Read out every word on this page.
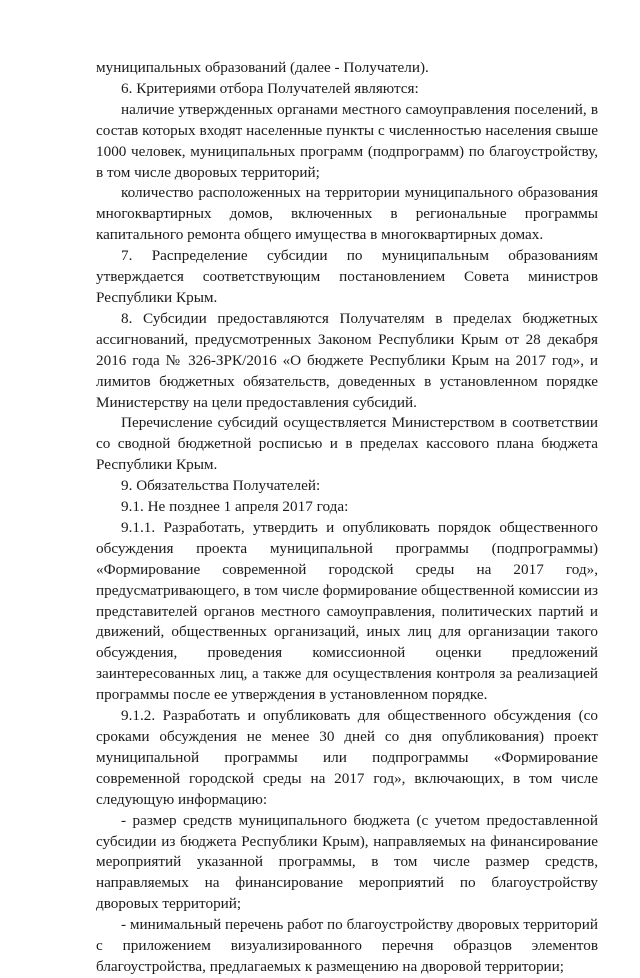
муниципальных образований (далее - Получатели).

6. Критериями отбора Получателей являются:

наличие утвержденных органами местного самоуправления поселений, в состав которых входят населенные пункты с численностью населения свыше 1000 человек, муниципальных программ (подпрограмм) по благоустройству, в том числе дворовых территорий;

количество расположенных на территории муниципального образования многоквартирных домов, включенных в региональные программы капитального ремонта общего имущества в многоквартирных домах.

7. Распределение субсидии по муниципальным образованиям утверждается соответствующим постановлением Совета министров Республики Крым.

8. Субсидии предоставляются Получателям в пределах бюджетных ассигнований, предусмотренных Законом Республики Крым от 28 декабря 2016 года № 326-ЗРК/2016 «О бюджете Республики Крым на 2017 год», и лимитов бюджетных обязательств, доведенных в установленном порядке Министерству на цели предоставления субсидий.

Перечисление субсидий осуществляется Министерством в соответствии со сводной бюджетной росписью и в пределах кассового плана бюджета Республики Крым.

9. Обязательства Получателей:

9.1. Не позднее 1 апреля 2017 года:

9.1.1. Разработать, утвердить и опубликовать порядок общественного обсуждения проекта муниципальной программы (подпрограммы) «Формирование современной городской среды на 2017 год», предусматривающего, в том числе формирование общественной комиссии из представителей органов местного самоуправления, политических партий и движений, общественных организаций, иных лиц для организации такого обсуждения, проведения комиссионной оценки предложений заинтересованных лиц, а также для осуществления контроля за реализацией программы после ее утверждения в установленном порядке.

9.1.2. Разработать и опубликовать для общественного обсуждения (со сроками обсуждения не менее 30 дней со дня опубликования) проект муниципальной программы или подпрограммы «Формирование современной городской среды на 2017 год», включающих, в том числе следующую информацию:

- размер средств муниципального бюджета (с учетом предоставленной субсидии из бюджета Республики Крым), направляемых на финансирование мероприятий указанной программы, в том числе размер средств, направляемых на финансирование мероприятий по благоустройству дворовых территорий;

- минимальный перечень работ по благоустройству дворовых территорий с приложением визуализированного перечня образцов элементов благоустройства, предлагаемых к размещению на дворовой территории;
